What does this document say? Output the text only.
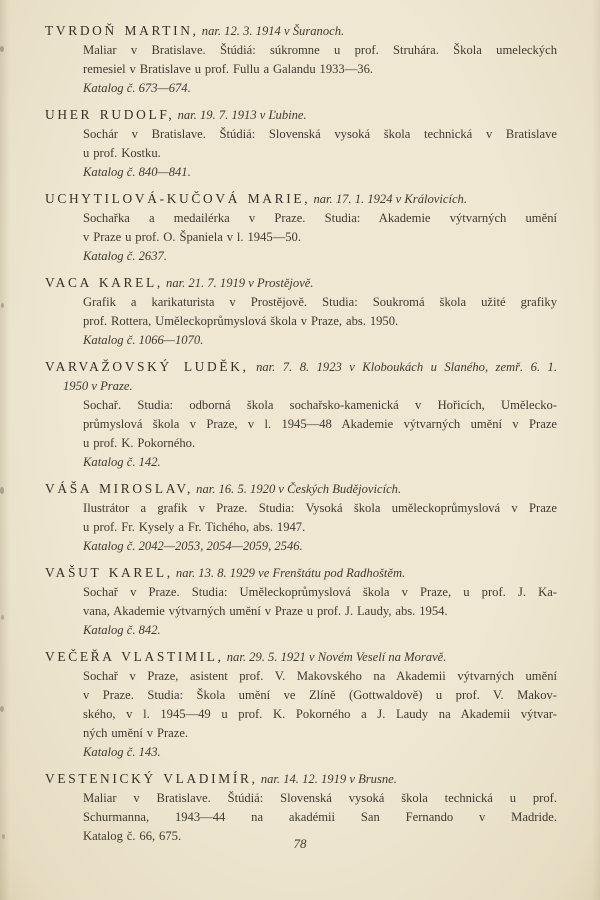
TVRDOŇ MARTIN, nar. 12. 3. 1914 v Šuranoch.
Maliar v Bratislave. Štúdiá: súkromne u prof. Struhára. Škola umeleckých
remesiel v Bratislave u prof. Fullu a Galandu 1933—36.
Katalog č. 673—674.
UHER RUDOLF, nar. 19. 7. 1913 v Ľubine.
Sochár v Bratislave. Štúdiá: Slovenská vysoká škola technická v Bratislave
u prof. Kostku.
Katalog č. 840—841.
UCHYTILOVÁ-KUČOVÁ MARIE, nar. 17. 1. 1924 v Královicích.
Sochařka a medailérka v Praze. Studia: Akademie výtvarných umění
v Praze u prof. O. Španiela v l. 1945—50.
Katalog č. 2637.
VACA KAREL, nar. 21. 7. 1919 v Prostějově.
Grafik a karikaturista v Prostějově. Studia: Soukromá škola užité grafiky
prof. Rottera, Uměleckoprůmyslová škola v Praze, abs. 1950.
Katalog č. 1066—1070.
VARVAŽOVSKÝ LUDĚK, nar. 7. 8. 1923 v Kloboukách u Slaného, zemř. 6. 1.
1950 v Praze.
Sochař. Studia: odborná škola sochařsko-kamenická v Hořicích, Umělecko-
průmyslová škola v Praze, v l. 1945—48 Akademie výtvarných umění v Praze
u prof. K. Pokorného.
Katalog č. 142.
VÁŠA MIROSLAV, nar. 16. 5. 1920 v Českých Budějovicích.
Ilustrátor a grafik v Praze. Studia: Vysoká škola uměleckoprůmyslová v Praze
u prof. Fr. Kysely a Fr. Tichého, abs. 1947.
Katalog č. 2042—2053, 2054—2059, 2546.
VAŠUT KAREL, nar. 13. 8. 1929 ve Frenštátu pod Radhoštěm.
Sochař v Praze. Studia: Uměleckoprůmyslová škola v Praze, u prof. J. Ka-
vana, Akademie výtvarných umění v Praze u prof. J. Laudy, abs. 1954.
Katalog č. 842.
VEČEŘA VLASTIMIL, nar. 29. 5. 1921 v Novém Veselí na Moravě.
Sochař v Praze, asistent prof. V. Makovského na Akademii výtvarných umění
v Praze. Studia: Škola umění ve Zlíně (Gottwaldově) u prof. V. Makov-
ského, v l. 1945—49 u prof. K. Pokorného a J. Laudy na Akademii výtvar-
ných umění v Praze.
Katalog č. 143.
VESTENICKÝ VLADIMÍR, nar. 14. 12. 1919 v Brusne.
Maliar v Bratislave. Štúdiá: Slovenská vysoká škola technická u prof.
Schurmanna, 1943—44 na akadémii San Fernando v Madride.
Katalog č. 66, 675.	78
